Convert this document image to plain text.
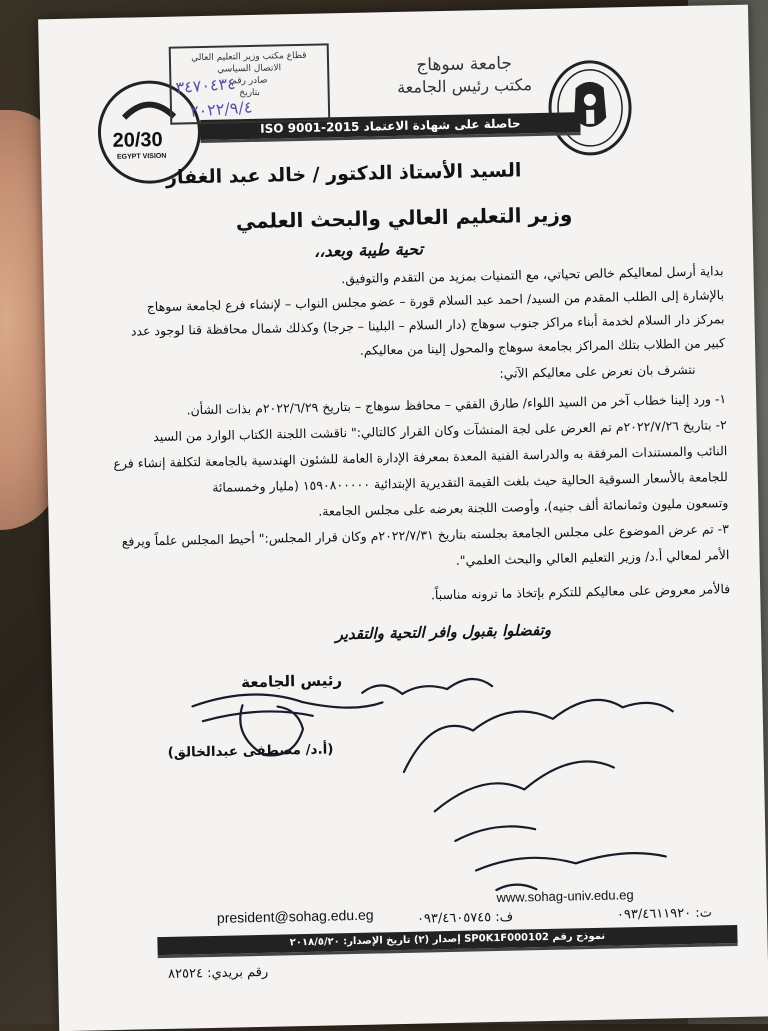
جامعة سوهاج
مكتب رئيس الجامعة
حاصلة على شهادة الاعتماد ISO 9001-2015
20/30
EGYPT VISION
قطاع مكتب وزير التعليم العالي
الاتصال السياسي
صادر رقم
بتاريخ
٣٤٧٠٤٣٤
٢٠٢٢/٩/٤
السيد الأستاذ الدكتور / خالد عبد الغفار
وزير التعليم العالي والبحث العلمي
تحية طيبة وبعد،،
بداية أرسل لمعاليكم خالص تحياتي، مع التمنيات بمزيد من التقدم والتوفيق.
بالإشارة إلى الطلب المقدم من السيد/ احمد عبد السلام قورة – عضو مجلس النواب – لإنشاء فرع لجامعة سوهاج
بمركز دار السلام لخدمة أبناء مراكز جنوب سوهاج (دار السلام – البلينا – جرجا) وكذلك شمال محافظة قنا لوجود عدد
كبير من الطلاب بتلك المراكز بجامعة سوهاج والمحول إلينا من معاليكم.
نتشرف بان نعرض على معاليكم الآتي:
١- ورد إلينا خطاب آخر من السيد اللواء/ طارق الفقي – محافظ سوهاج – بتاريخ ٢٠٢٢/٦/٢٩م بذات الشأن.
٢- بتاريخ ٢٠٢٢/٧/٢٦م تم العرض على لجة المنشآت وكان القرار كالتالي:" ناقشت اللجنة الكتاب الوارد من السيد
النائب والمستندات المرفقة به والدراسة الفنية المعدة بمعرفة الإدارة العامة للشئون الهندسية بالجامعة لتكلفة إنشاء فرع
للجامعة بالأسعار السوقية الحالية حيث بلغت القيمة التقديرية الإبتدائية ١٥٩٠٨٠٠٠٠٠ (مليار وخمسمائة
وتسعون مليون وثمانمائة ألف جنيه)، وأوصت اللجنة بعرضه على مجلس الجامعة.
٣- تم عرض الموضوع على مجلس الجامعة بجلسته بتاريخ ٢٠٢٢/٧/٣١م وكان قرار المجلس:" أحيط المجلس علماً ويرفع
الأمر لمعالي أ.د/ وزير التعليم العالي والبحث العلمي".
فالأمر معروض على معاليكم للتكرم بإتخاذ ما ترونه مناسباً.
وتفضلوا بقبول وافر التحية والتقدير
رئيس الجامعة
(أ.د/ مصطفى عبدالخالق)
www.sohag-univ.edu.eg
ت: ٠٩٣/٤٦١١٩٢٠
ف: ٠٩٣/٤٦٠٥٧٤٥
president@sohag.edu.eg
نموذج رقم SP0K1F000102 إصدار (٢) تاريخ الإصدار: ٢٠١٨/٥/٢٠
رقم بريدي: ٨٢٥٢٤
